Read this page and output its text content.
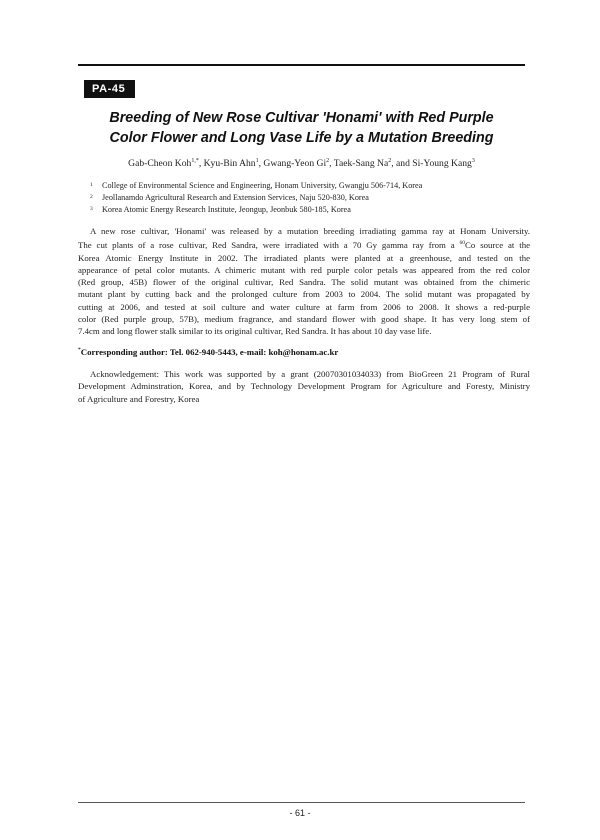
PA-45
Breeding of New Rose Cultivar 'Honami' with Red Purple
Color Flower and Long Vase Life by a Mutation Breeding
Gab-Cheon Koh$^{1,*}$, Kyu-Bin Ahn$^1$, Gwang-Yeon Gi$^2$, Taek-Sang Na$^2$, and Si-Young Kang$^3$
$^1$ College of Environmental Science and Engineering, Honam University, Gwangju 506-714, Korea
$^2$ Jeollanamdo Agricultural Research and Extension Services, Naju 520-830, Korea
$^3$ Korea Atomic Energy Research Institute, Jeongup, Jeonbuk 580-185, Korea
A new rose cultivar, 'Honami' was released by a mutation breeding irradiating gamma ray at Honam University.
The cut plants of a rose cultivar, Red Sandra, were irradiated with a 70 Gy gamma ray from a $^{60}$Co source at the
Korea Atomic Energy Institute in 2002. The irradiated plants were planted at a greenhouse, and tested on the
appearance of petal color mutants. A chimeric mutant with red purple color petals was appeared from the red color
(Red group, 45B) flower of the original cultivar, Red Sandra. The solid mutant was obtained from the chimeric
mutant plant by cutting back and the prolonged culture from 2003 to 2004. The solid mutant was propagated by
cutting at 2006, and tested at soil culture and water culture at farm from 2006 to 2008. It shows a red-purple
color (Red purple group, 57B), medium fragrance, and standard flower with good shape. It has very long stem of
7.4cm and long flower stalk similar to its original cultivar, Red Sandra. It has about 10 day vase life.
*Corresponding author: Tel. 062-940-5443, e-mail: koh@honam.ac.kr
Acknowledgement: This work was supported by a grant (20070301034033) from BioGreen 21 Program of Rural
Development Adminstration, Korea, and by Technology Development Program for Agriculture and Foresty, Ministry
of Agriculture and Forestry, Korea
- 61 -
